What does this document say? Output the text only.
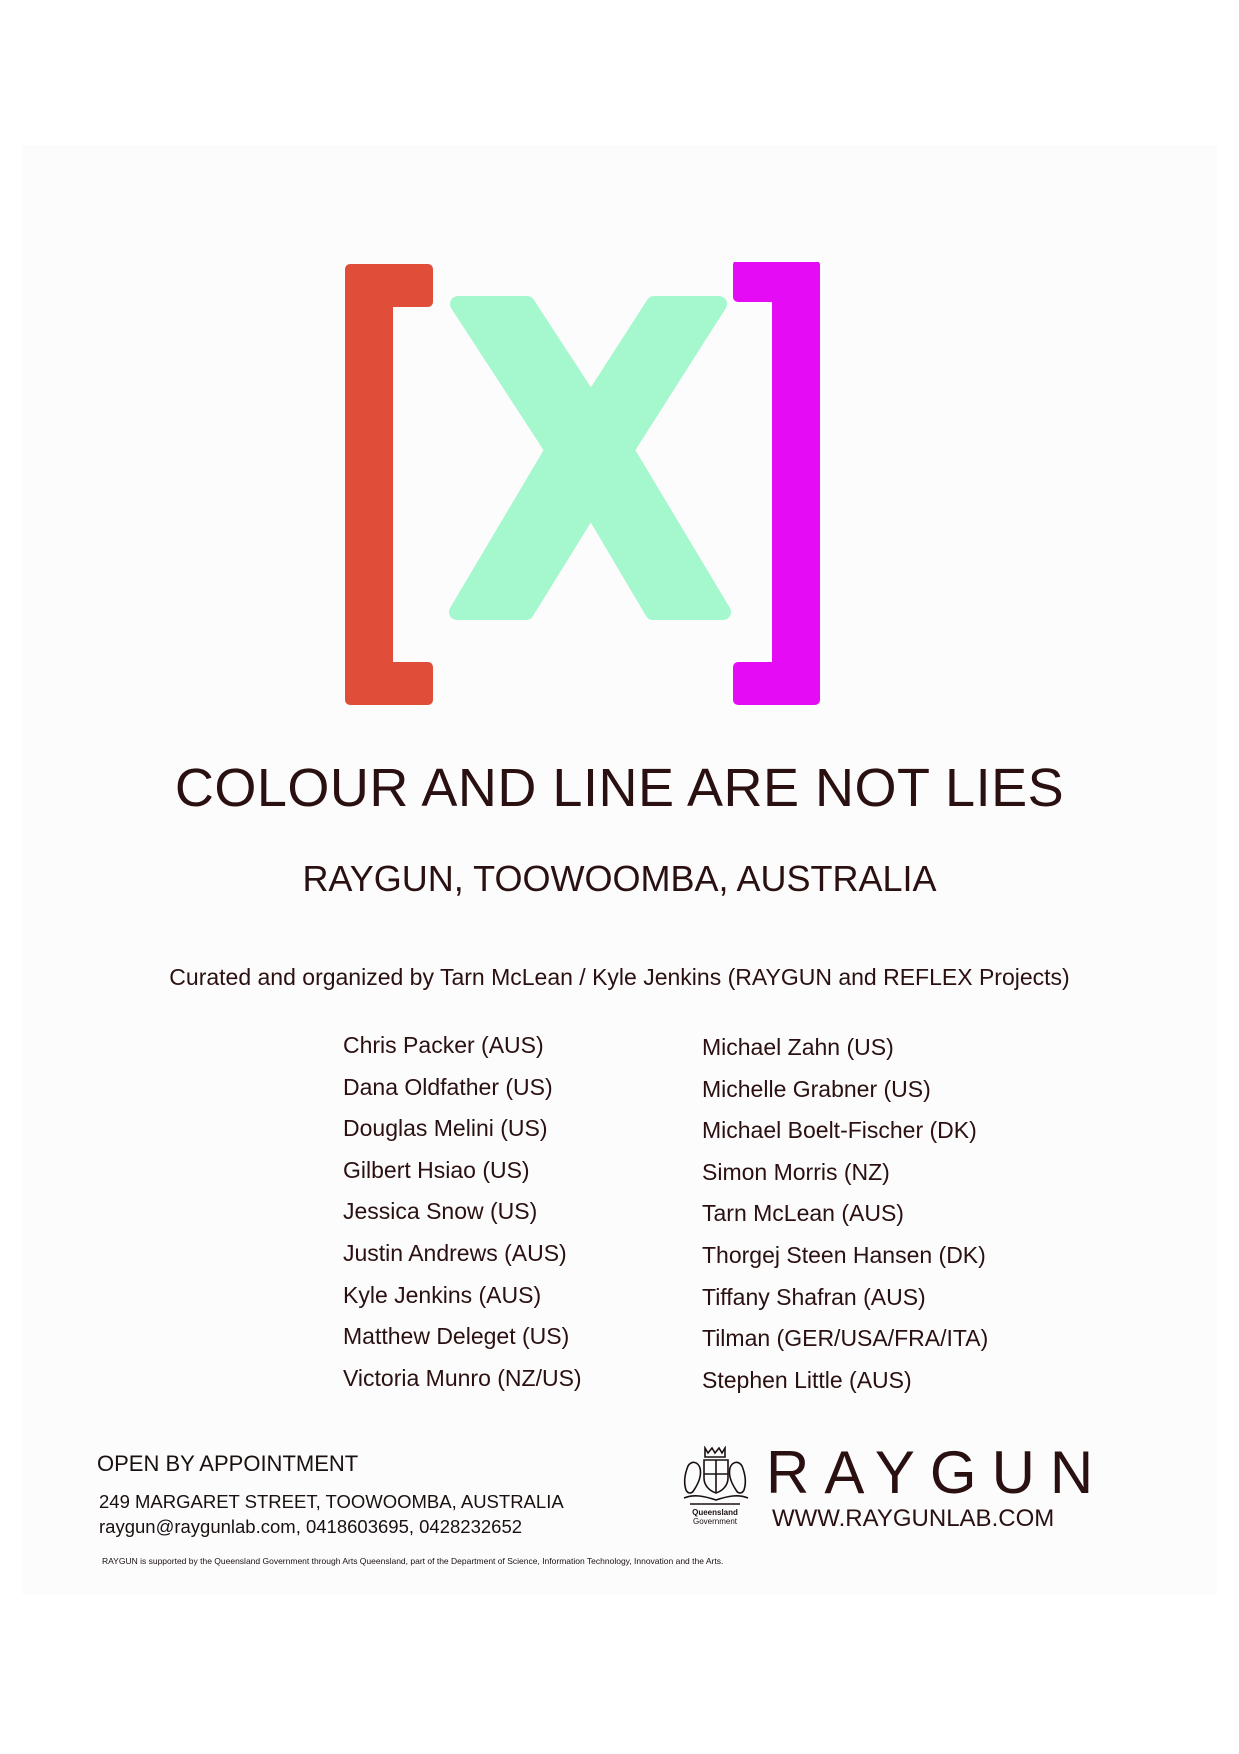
COLOUR AND LINE ARE NOT LIES
RAYGUN, TOOWOOMBA, AUSTRALIA
Curated and organized by Tarn McLean / Kyle Jenkins (RAYGUN and REFLEX Projects)
Chris Packer (AUS)
Dana Oldfather (US)
Douglas Melini (US)
Gilbert Hsiao (US)
Jessica Snow (US)
Justin Andrews (AUS)
Kyle Jenkins (AUS)
Matthew Deleget (US)
Victoria Munro (NZ/US)
Michael Zahn (US)
Michelle Grabner (US)
Michael Boelt-Fischer (DK)
Simon Morris (NZ)
Tarn McLean (AUS)
Thorgej Steen Hansen (DK)
Tiffany Shafran (AUS)
Tilman (GER/USA/FRA/ITA)
Stephen Little (AUS)
OPEN BY APPOINTMENT
249 MARGARET STREET, TOOWOOMBA, AUSTRALIA
raygun@raygunlab.com, 0418603695, 0428232652
RAYGUN is supported by the Queensland Government through Arts Queensland, part of the Department of Science, Information Technology, Innovation and the Arts.
Queensland
Government
RAYGUN
WWW.RAYGUNLAB.COM
